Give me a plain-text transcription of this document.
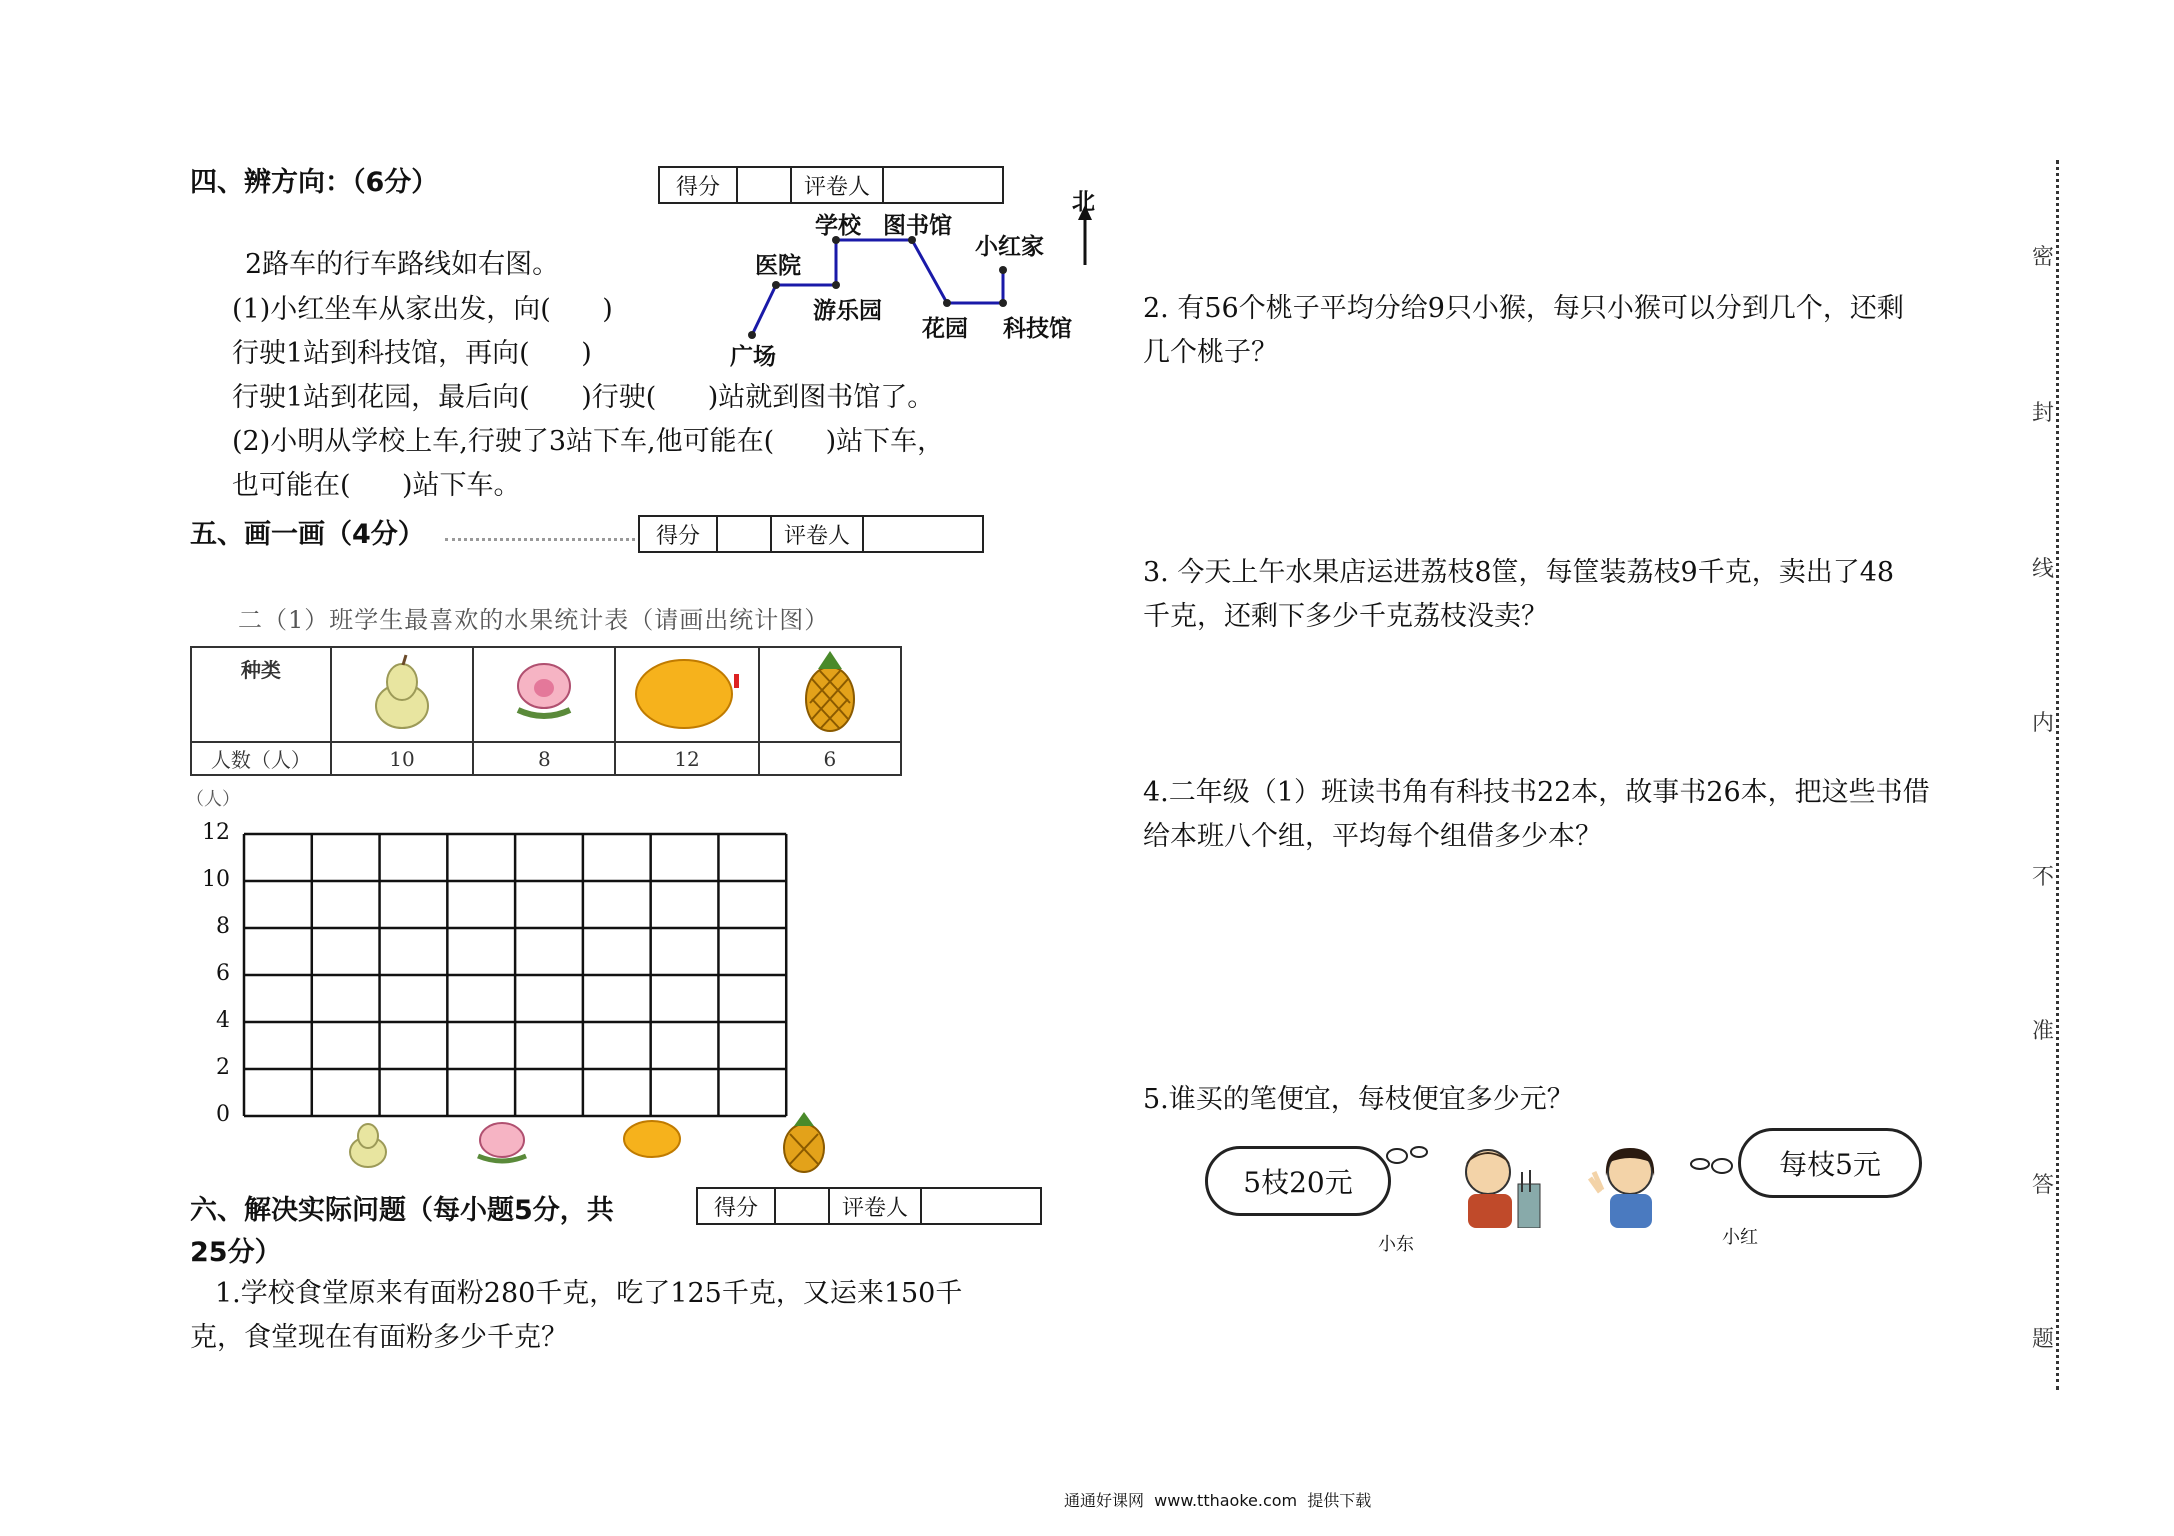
四、辨方向：（6分）	得分	评卷人
2路车的行车路线如右图。
(1)小红坐车从家出发，向(      )
行驶1站到科技馆，再向(      )
行驶1站到花园，最后向(      )行驶(      )站就到图书馆了。
(2)小明从学校上车,行驶了3站下车,他可能在(      )站下车，
也可能在(      )站下车。
北
广场
医院
学校 图书馆
游乐园
花园
小红家
科技馆
五、画一画（4分）	得分	评卷人
二（1）班学生最喜欢的水果统计表（请画出统计图）
种类				
人数（人）	10	8	12	6
（人）
12
10
8
6
4
2
0
六、解决实际问题（每小题5分，共
25分）
得分	评卷人
1.学校食堂原来有面粉280千克，吃了125千克，又运来150千
克，食堂现在有面粉多少千克？
2. 有56个桃子平均分给9只小猴，每只小猴可以分到几个，还剩
几个桃子？
3. 今天上午水果店运进荔枝8筐，每筐装荔枝9千克，卖出了48
千克，还剩下多少千克荔枝没卖？
4.二年级（1）班读书角有科技书22本，故事书26本，把这些书借
给本班八个组，平均每个组借多少本？
5.谁买的笔便宜，每枝便宜多少元？
5枝20元
每枝5元
小东	小红
密
封
线
内
不
准
答
题
通通好课网  www.tthaoke.com  提供下载
